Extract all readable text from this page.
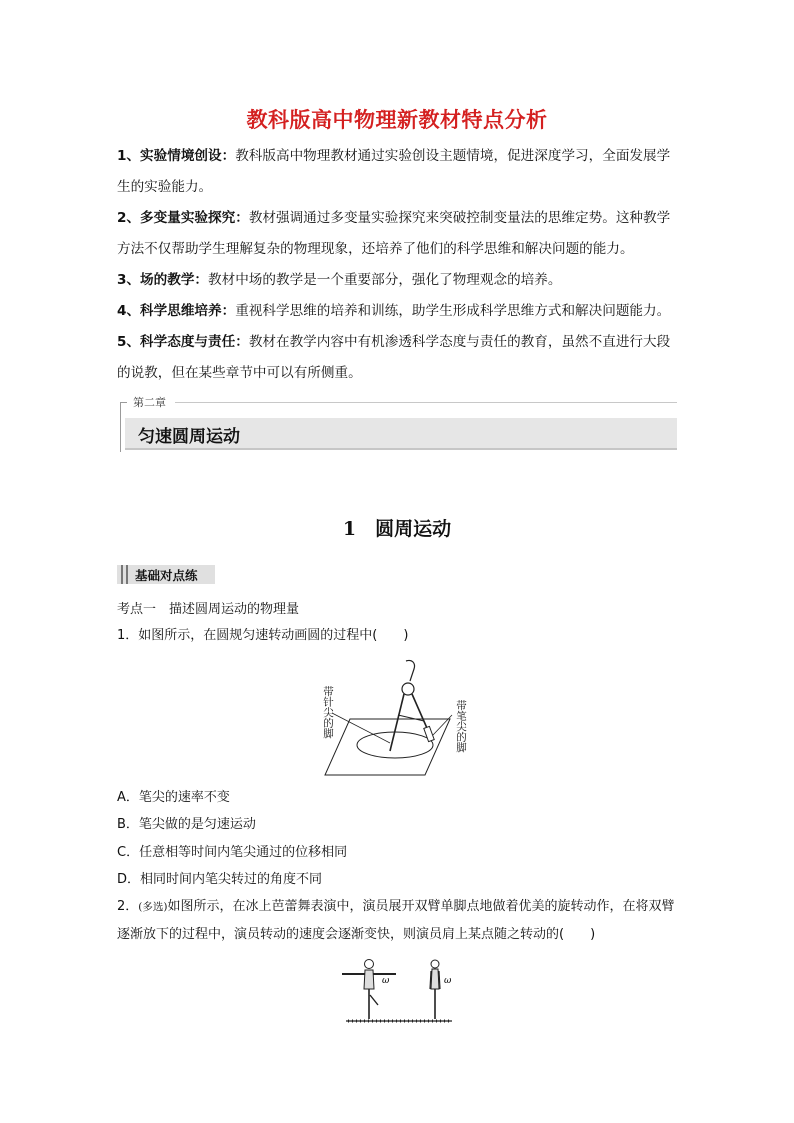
教科版高中物理新教材特点分析
1、实验情境创设：教科版高中物理教材通过实验创设主题情境，促进深度学习，全面发展学生的实验能力。
2、多变量实验探究：教材强调通过多变量实验探究来突破控制变量法的思维定势。这种教学方法不仅帮助学生理解复杂的物理现象，还培养了他们的科学思维和解决问题的能力。
3、场的教学：教材中场的教学是一个重要部分，强化了物理观念的培养。
4、科学思维培养：重视科学思维的培养和训练，助学生形成科学思维方式和解决问题能力。
5、科学态度与责任：教材在教学内容中有机渗透科学态度与责任的教育，虽然不直进行大段的说教，但在某些章节中可以有所侧重。
第二章
匀速圆周运动
1　圆周运动
基础对点练
考点一　描述圆周运动的物理量
1．如图所示，在圆规匀速转动画圆的过程中(　　)
带针尖的脚	带笔尖的脚
A．笔尖的速率不变
B．笔尖做的是匀速运动
C．任意相等时间内笔尖通过的位移相同
D．相同时间内笔尖转过的角度不同
2．(多选)如图所示，在冰上芭蕾舞表演中，演员展开双臂单脚点地做着优美的旋转动作，在将双臂逐渐放下的过程中，演员转动的速度会逐渐变快，则演员肩上某点随之转动的(　　)
ω	ω
